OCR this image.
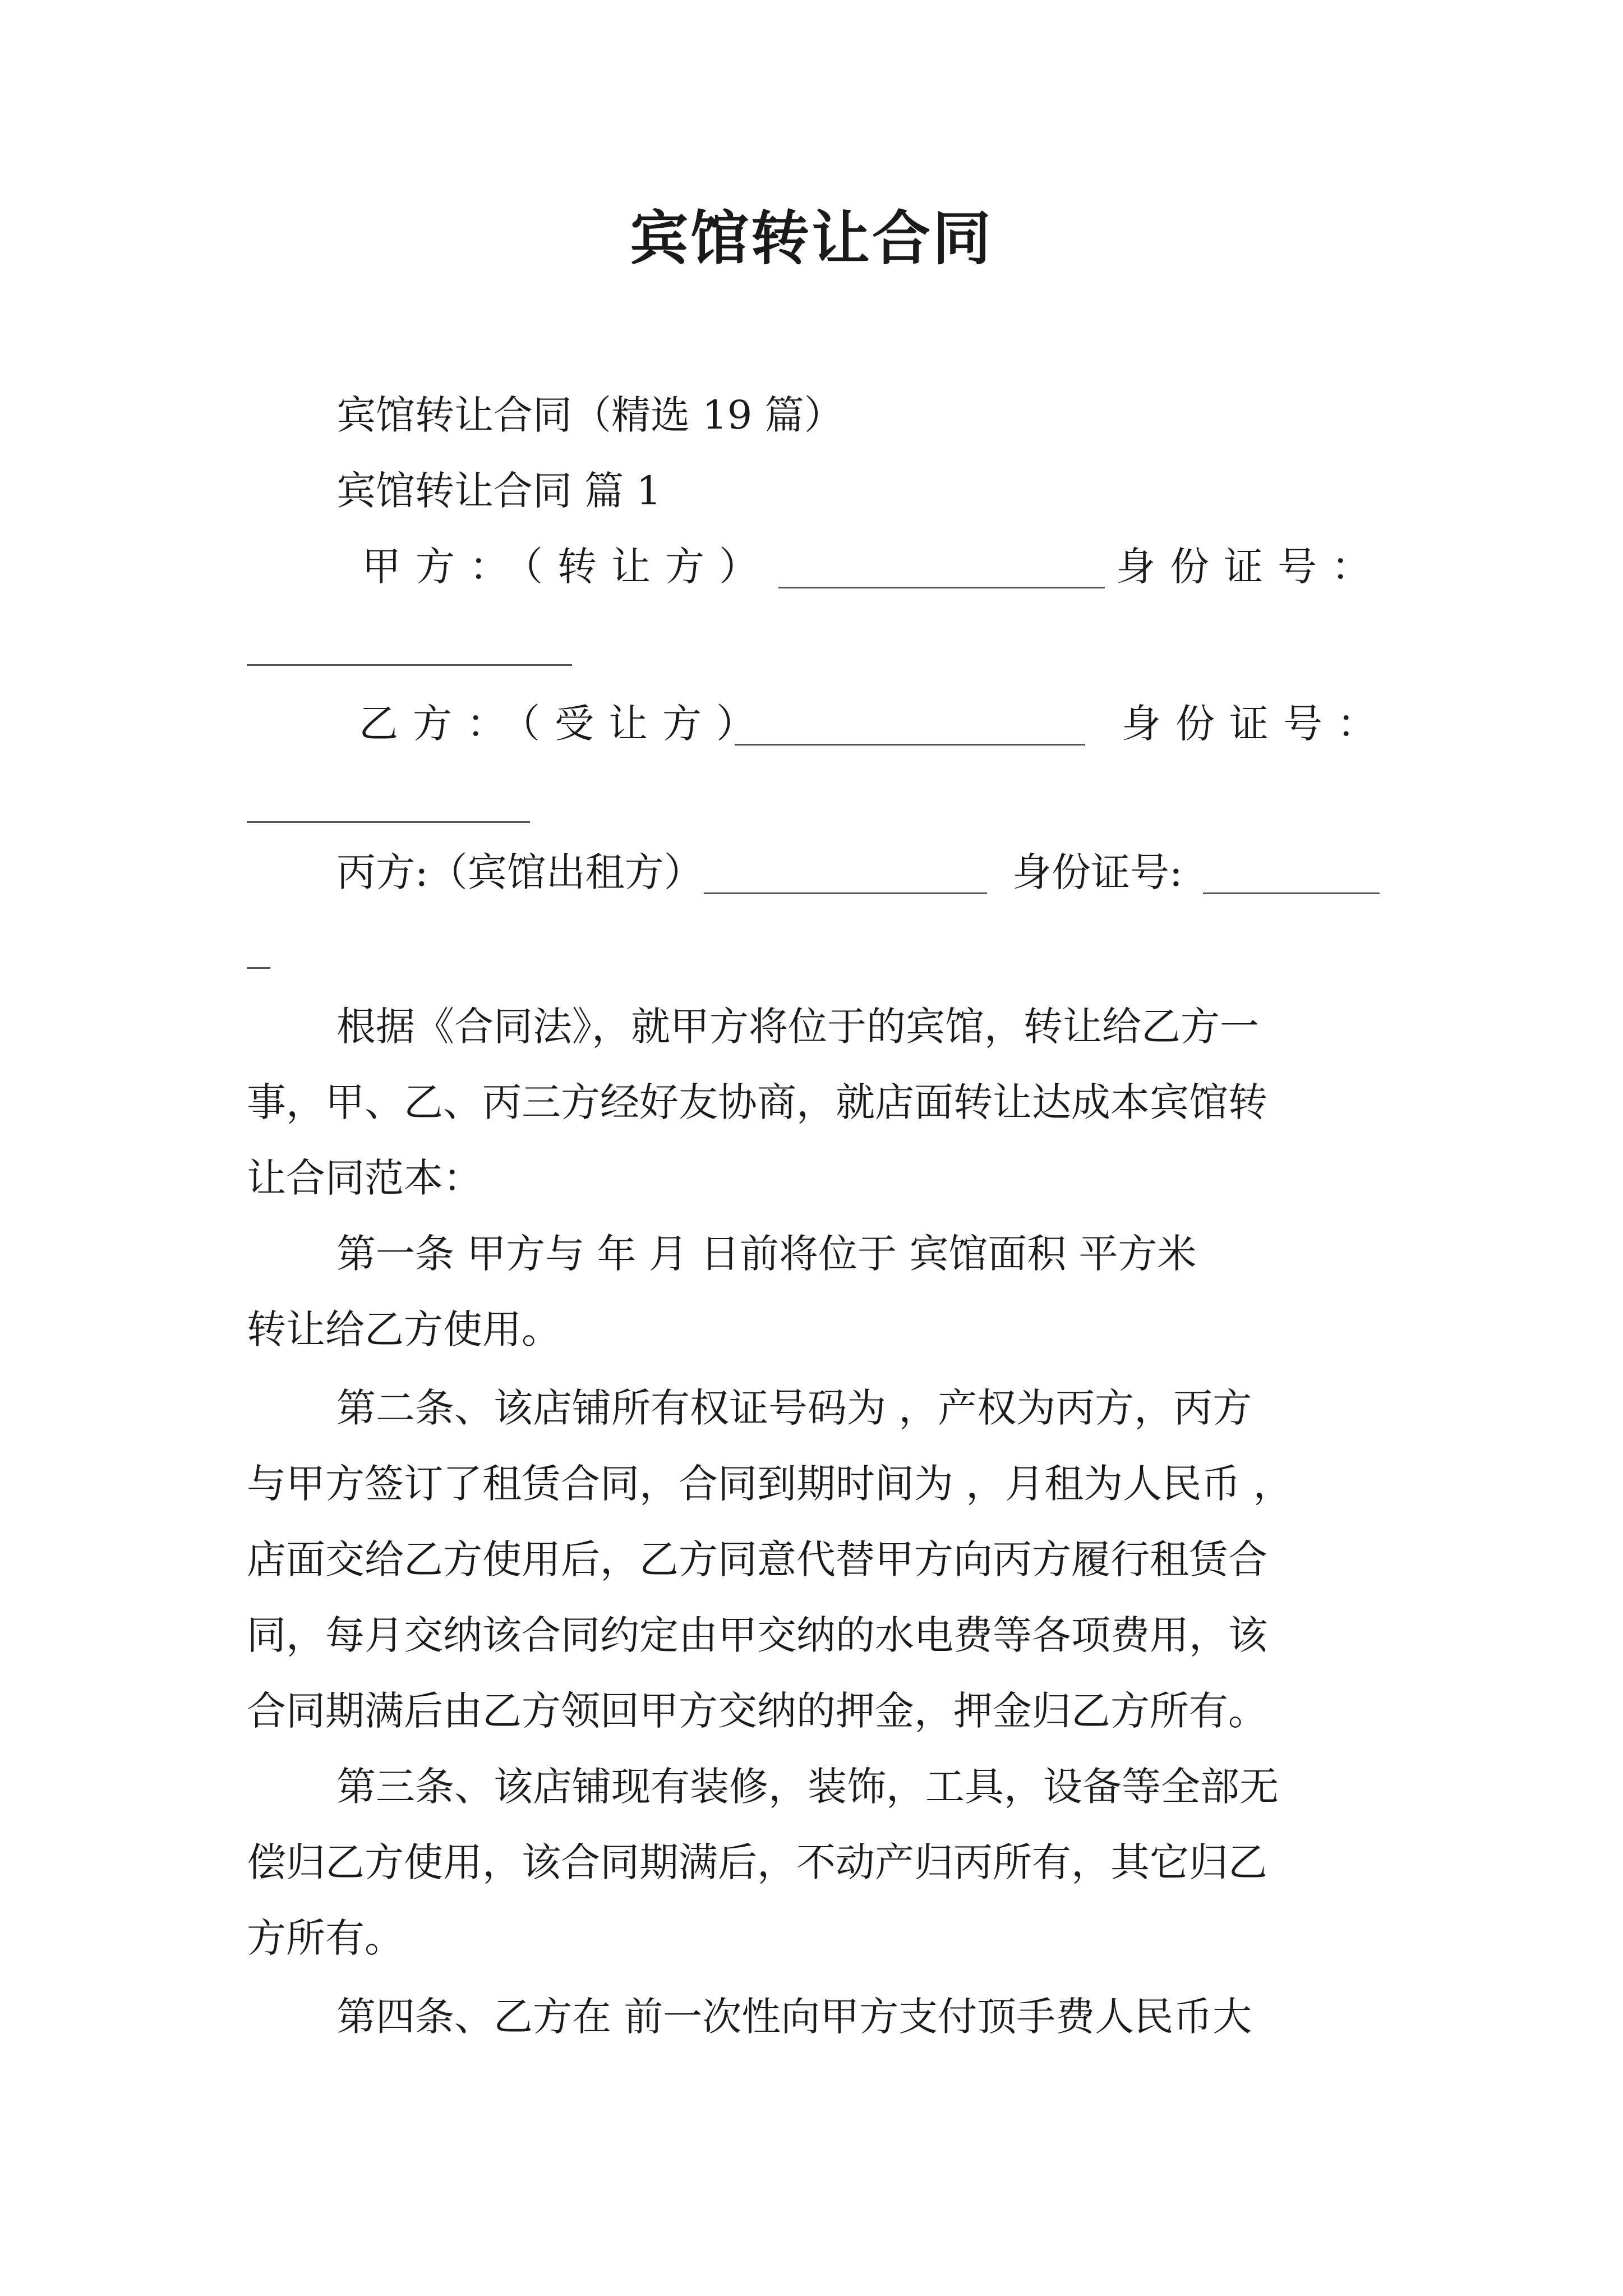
宾馆转让合同
宾馆转让合同（精选 19 篇）
宾馆转让合同 篇 1
甲方：（转让方）	身份证号：
乙方：（受让方）	身份证号：
丙方:（宾馆出租方）	身份证号:
根据《合同法》，就甲方将位于的宾馆，转让给乙方一
事，甲、乙、丙三方经好友协商，就店面转让达成本宾馆转
让合同范本：
第一条 甲方与 年 月 日前将位于 宾馆面积 平方米
转让给乙方使用。
第二条、该店铺所有权证号码为 ，产权为丙方，丙方
与甲方签订了租赁合同，合同到期时间为 ，月租为人民币 ，
店面交给乙方使用后，乙方同意代替甲方向丙方履行租赁合
同，每月交纳该合同约定由甲交纳的水电费等各项费用，该
合同期满后由乙方领回甲方交纳的押金，押金归乙方所有。
第三条、该店铺现有装修，装饰，工具，设备等全部无
偿归乙方使用，该合同期满后，不动产归丙所有，其它归乙
方所有。
第四条、乙方在 前一次性向甲方支付顶手费人民币大
